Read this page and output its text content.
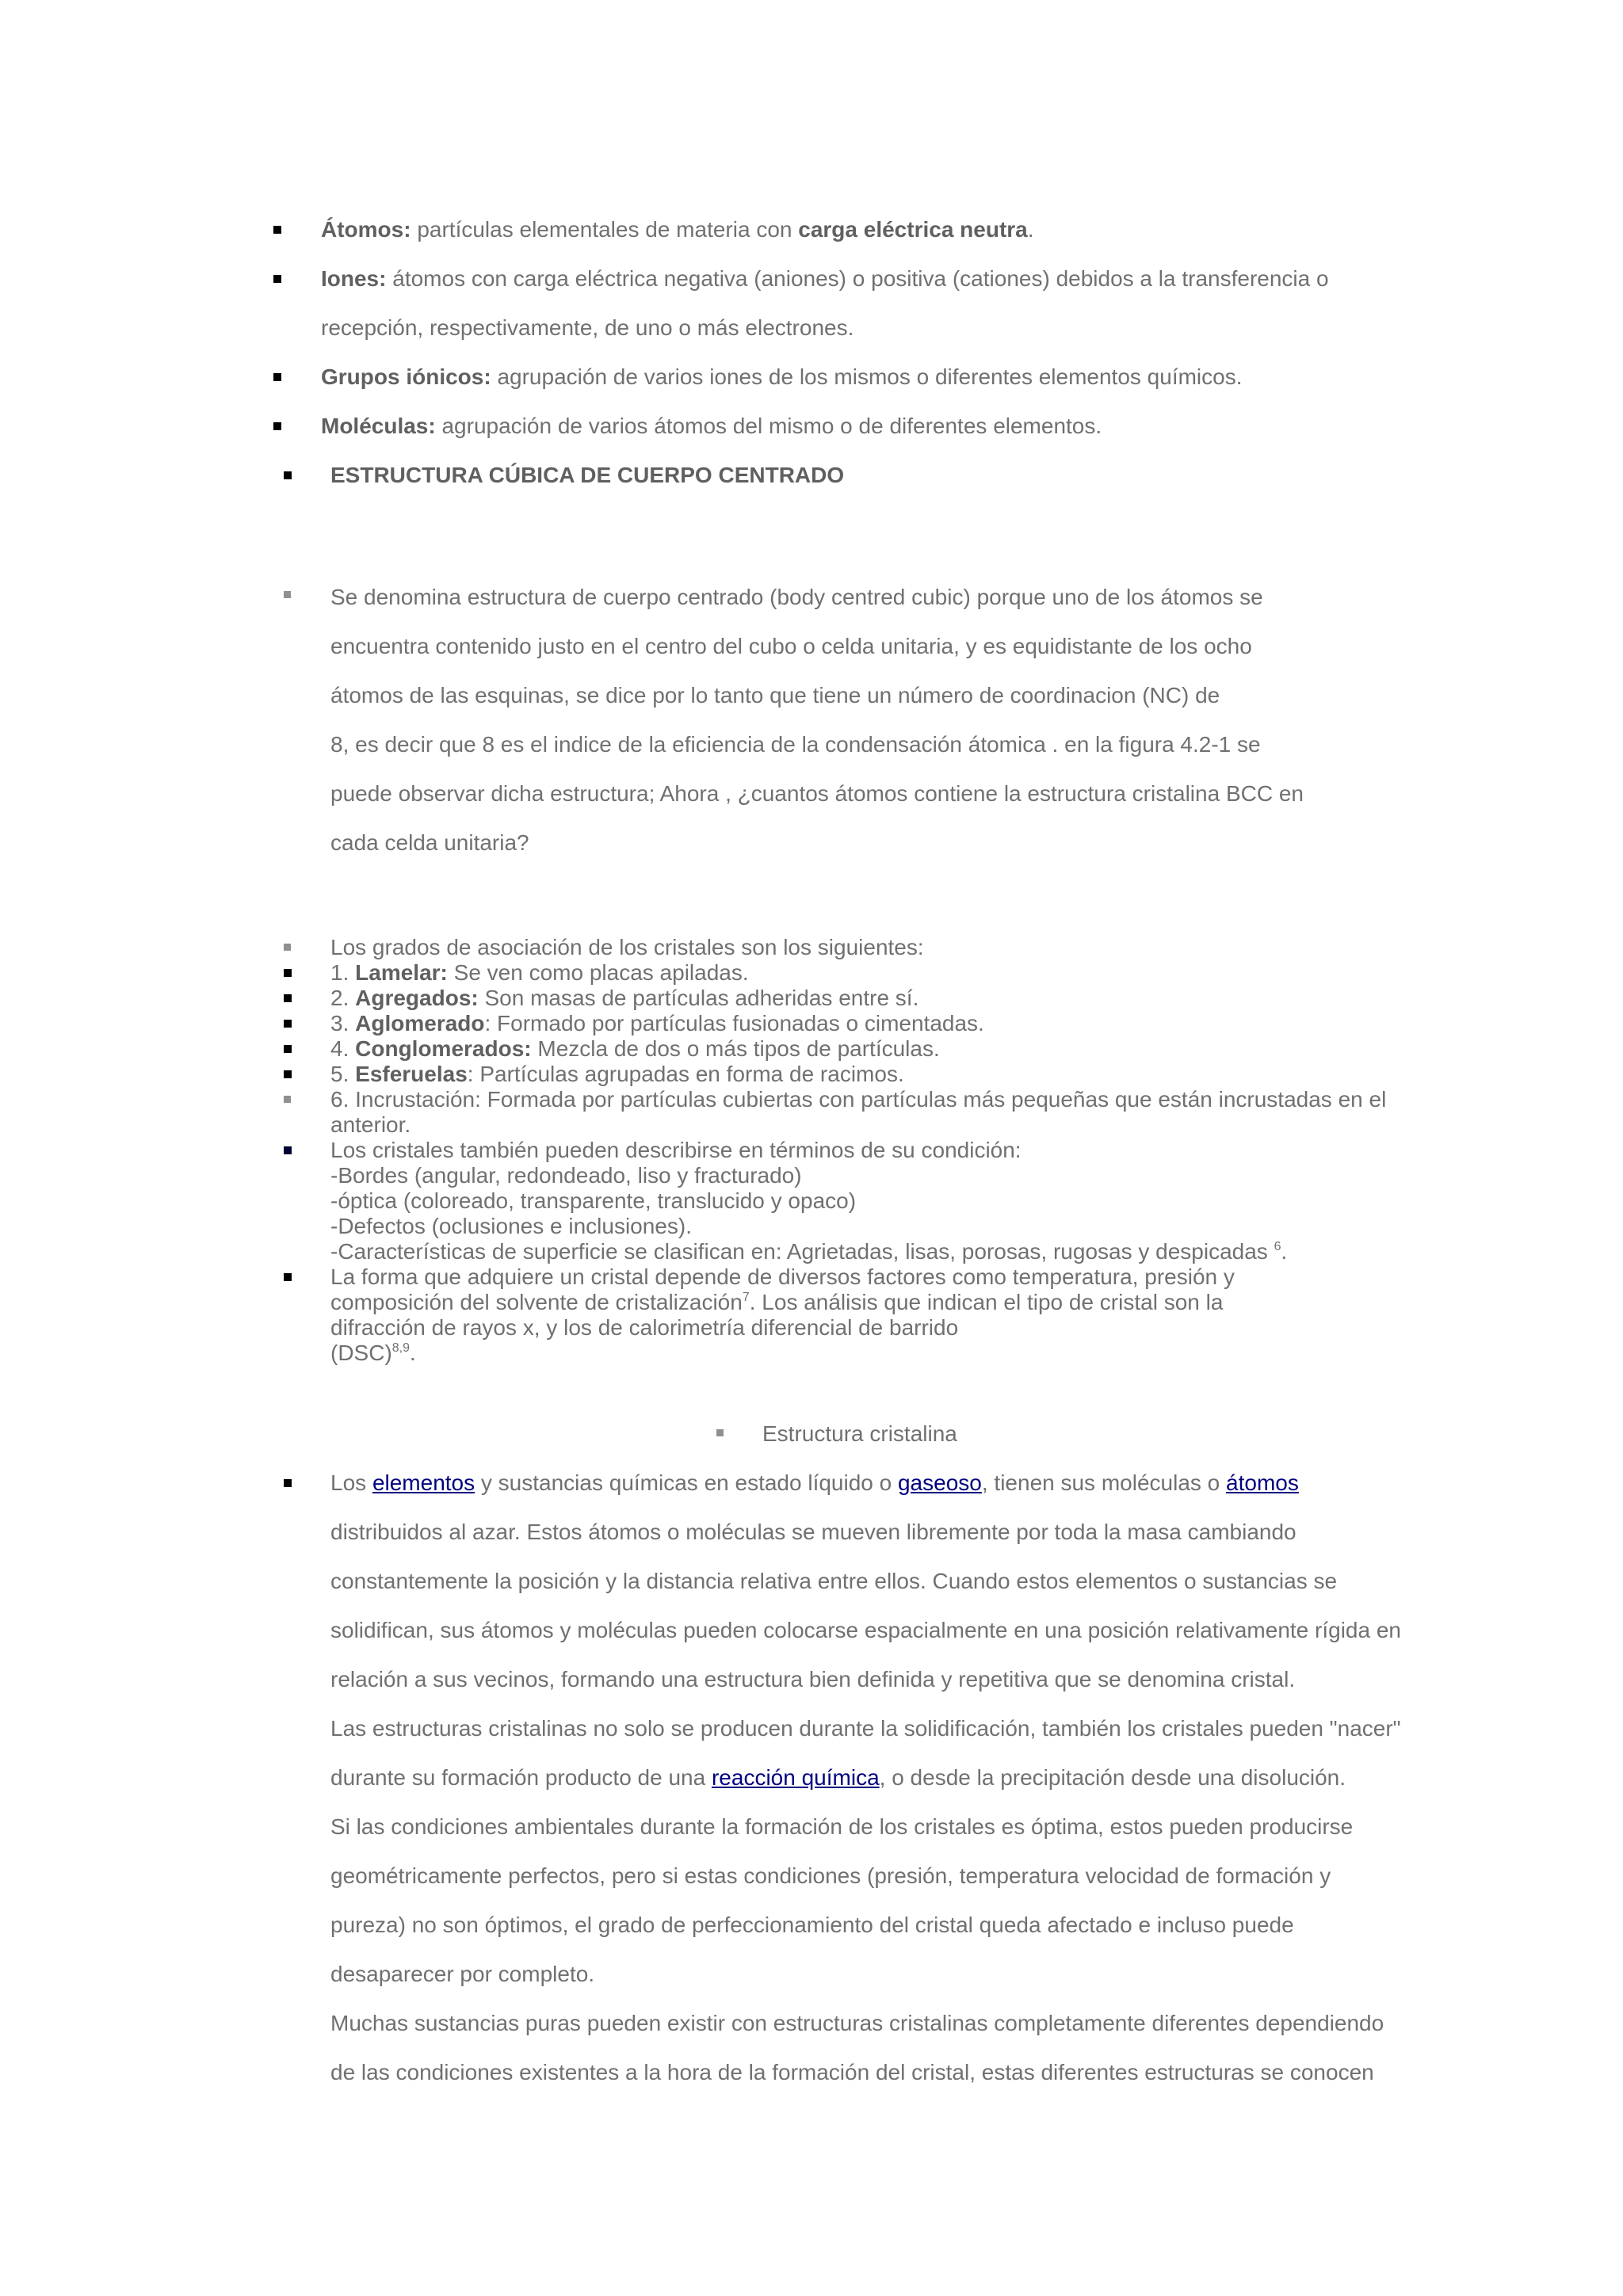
Átomos: partículas elementales de materia con carga eléctrica neutra.
Iones: átomos con carga eléctrica negativa (aniones) o positiva (cationes) debidos a la transferencia o
recepción, respectivamente, de uno o más electrones.
Grupos iónicos: agrupación de varios iones de los mismos o diferentes elementos químicos.
Moléculas: agrupación de varios átomos del mismo o de diferentes elementos.
ESTRUCTURA CÚBICA DE CUERPO CENTRADO
Se denomina estructura de cuerpo centrado (body centred cubic) porque uno de los átomos se
encuentra contenido justo en el centro del cubo o celda unitaria, y es equidistante de los ocho
átomos de las esquinas, se dice por lo tanto que tiene un número de coordinacion (NC) de
8, es decir que 8 es el indice de la eficiencia de la condensación átomica . en la figura 4.2-1 se
puede observar dicha estructura; Ahora , ¿cuantos átomos contiene la estructura cristalina BCC en
cada celda unitaria?
Los grados de asociación de los cristales son los siguientes:
1. Lamelar: Se ven como placas apiladas.
2. Agregados: Son masas de partículas adheridas entre sí.
3. Aglomerado: Formado por partículas fusionadas o cimentadas.
4. Conglomerados: Mezcla de dos o más tipos de partículas.
5. Esferuelas: Partículas agrupadas en forma de racimos.
6. Incrustación: Formada por partículas cubiertas con partículas más pequeñas que están incrustadas en el
anterior.
Los cristales también pueden describirse en términos de su condición:
-Bordes (angular, redondeado, liso y fracturado)
-óptica (coloreado, transparente, translucido y opaco)
-Defectos (oclusiones e inclusiones).
-Características de superficie se clasifican en: Agrietadas, lisas, porosas, rugosas y despicadas $^6$.
La forma que adquiere un cristal depende de diversos factores como temperatura, presión y
composición del solvente de cristalización$^7$. Los análisis que indican el tipo de cristal son la
difracción de rayos x, y los de calorimetría diferencial de barrido
(DSC)$^{8,9}$.
Estructura cristalina
Los elementos y sustancias químicas en estado líquido o gaseoso, tienen sus moléculas o átomos
distribuidos al azar. Estos átomos o moléculas se mueven libremente por toda la masa cambiando
constantemente la posición y la distancia relativa entre ellos. Cuando estos elementos o sustancias se
solidifican, sus átomos y moléculas pueden colocarse espacialmente en una posición relativamente rígida en
relación a sus vecinos, formando una estructura bien definida y repetitiva que se denomina cristal.
Las estructuras cristalinas no solo se producen durante la solidificación, también los cristales pueden "nacer"
durante su formación producto de una reacción química, o desde la precipitación desde una disolución.
Si las condiciones ambientales durante la formación de los cristales es óptima, estos pueden producirse
geométricamente perfectos, pero si estas condiciones (presión, temperatura velocidad de formación y
pureza) no son óptimos, el grado de perfeccionamiento del cristal queda afectado e incluso puede
desaparecer por completo.
Muchas sustancias puras pueden existir con estructuras cristalinas completamente diferentes dependiendo
de las condiciones existentes a la hora de la formación del cristal, estas diferentes estructuras se conocen
